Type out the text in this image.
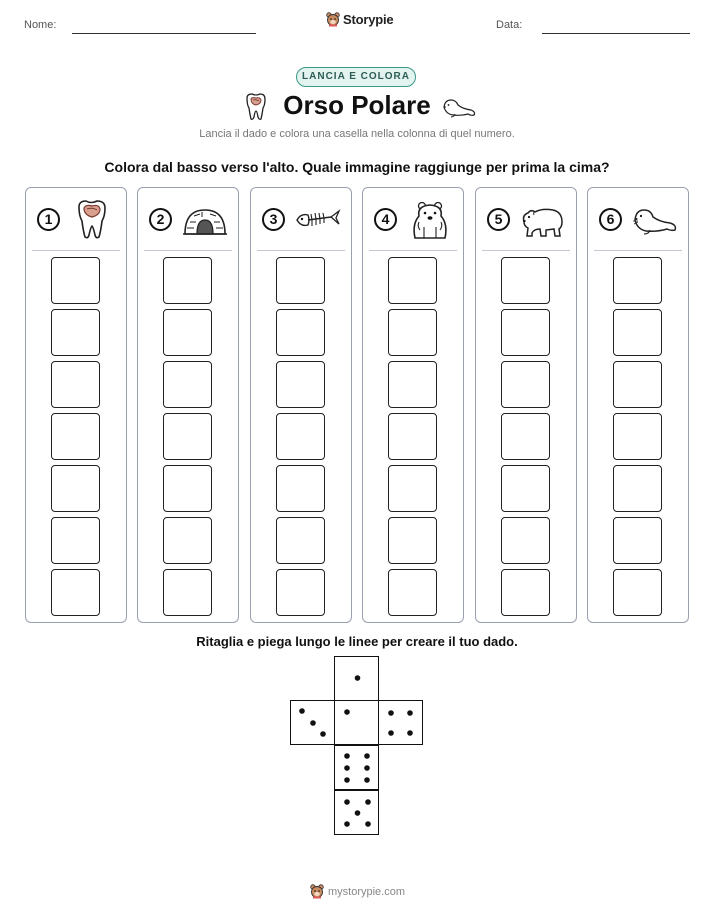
Nome:	Data:
Storypie
LANCIA E COLORA
Orso Polare
Lancia il dado e colora una casella nella colonna di quel numero.
Colora dal basso verso l'alto. Quale immagine raggiunge per prima la cima?
1	2	3	4	5	6
Ritaglia e piega lungo le linee per creare il tuo dado.
mystorypie.com
